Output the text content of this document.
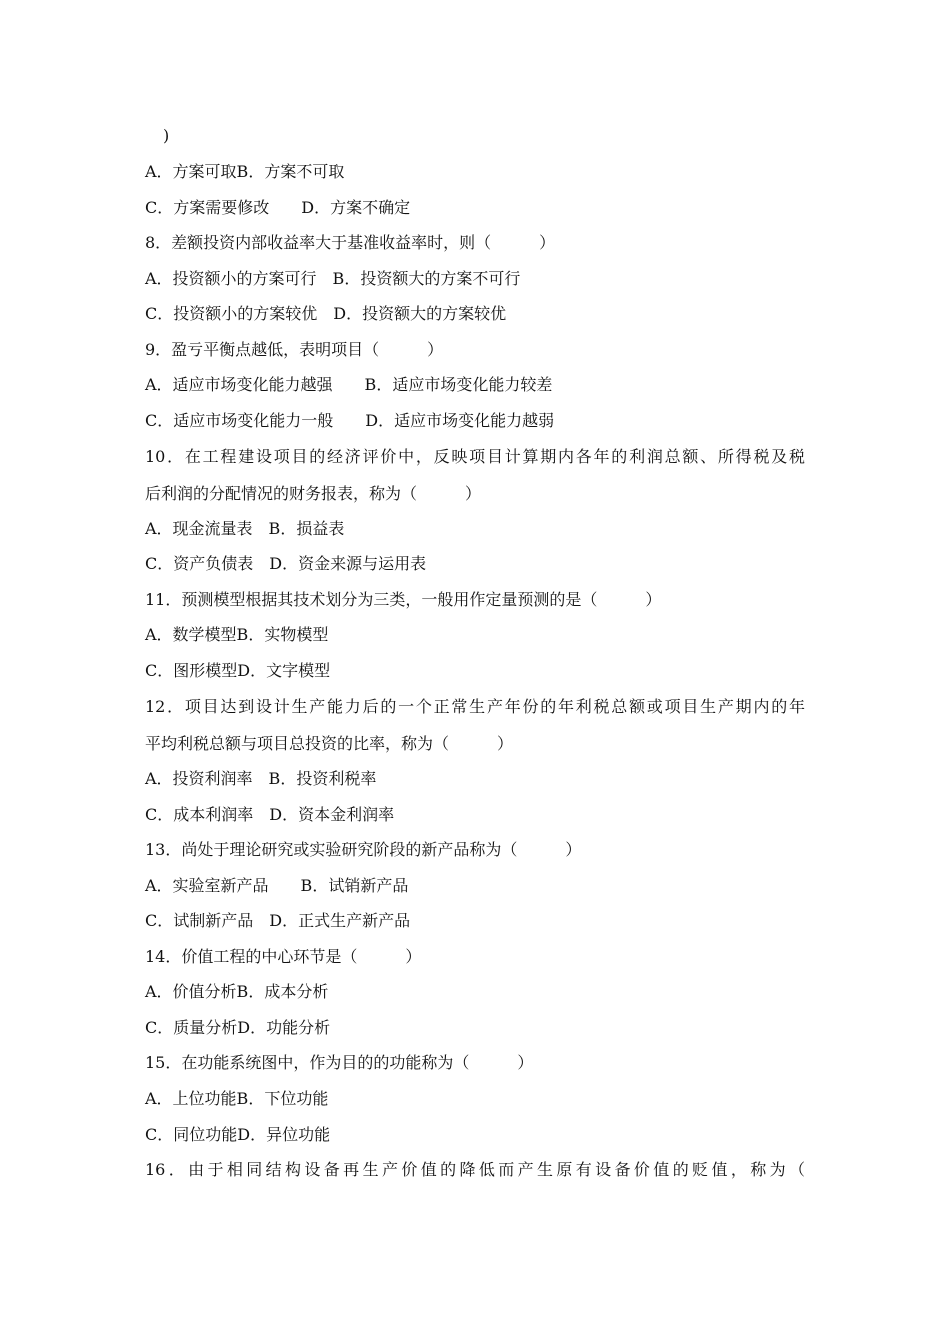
)
A．方案可取B．方案不可取
C．方案需要修改　　D．方案不确定
8．差额投资内部收益率大于基准收益率时，则（　　　）
A．投资额小的方案可行　B．投资额大的方案不可行
C．投资额小的方案较优　D．投资额大的方案较优
9．盈亏平衡点越低，表明项目（　　　）
A．适应市场变化能力越强　　B．适应市场变化能力较差
C．适应市场变化能力一般　　D．适应市场变化能力越弱
10．在工程建设项目的经济评价中，反映项目计算期内各年的利润总额、所得税及税
后利润的分配情况的财务报表，称为（　　　）
A．现金流量表　B．损益表
C．资产负债表　D．资金来源与运用表
11．预测模型根据其技术划分为三类，一般用作定量预测的是（　　　）
A．数学模型B．实物模型
C．图形模型D．文字模型
12．项目达到设计生产能力后的一个正常生产年份的年利税总额或项目生产期内的年
平均利税总额与项目总投资的比率，称为（　　　）
A．投资利润率　B．投资利税率
C．成本利润率　D．资本金利润率
13．尚处于理论研究或实验研究阶段的新产品称为（　　　）
A．实验室新产品　　B．试销新产品
C．试制新产品　D．正式生产新产品
14．价值工程的中心环节是（　　　）
A．价值分析B．成本分析
C．质量分析D．功能分析
15．在功能系统图中，作为目的的功能称为（　　　）
A．上位功能B．下位功能
C．同位功能D．异位功能
16．由于相同结构设备再生产价值的降低而产生原有设备价值的贬值，称为（
